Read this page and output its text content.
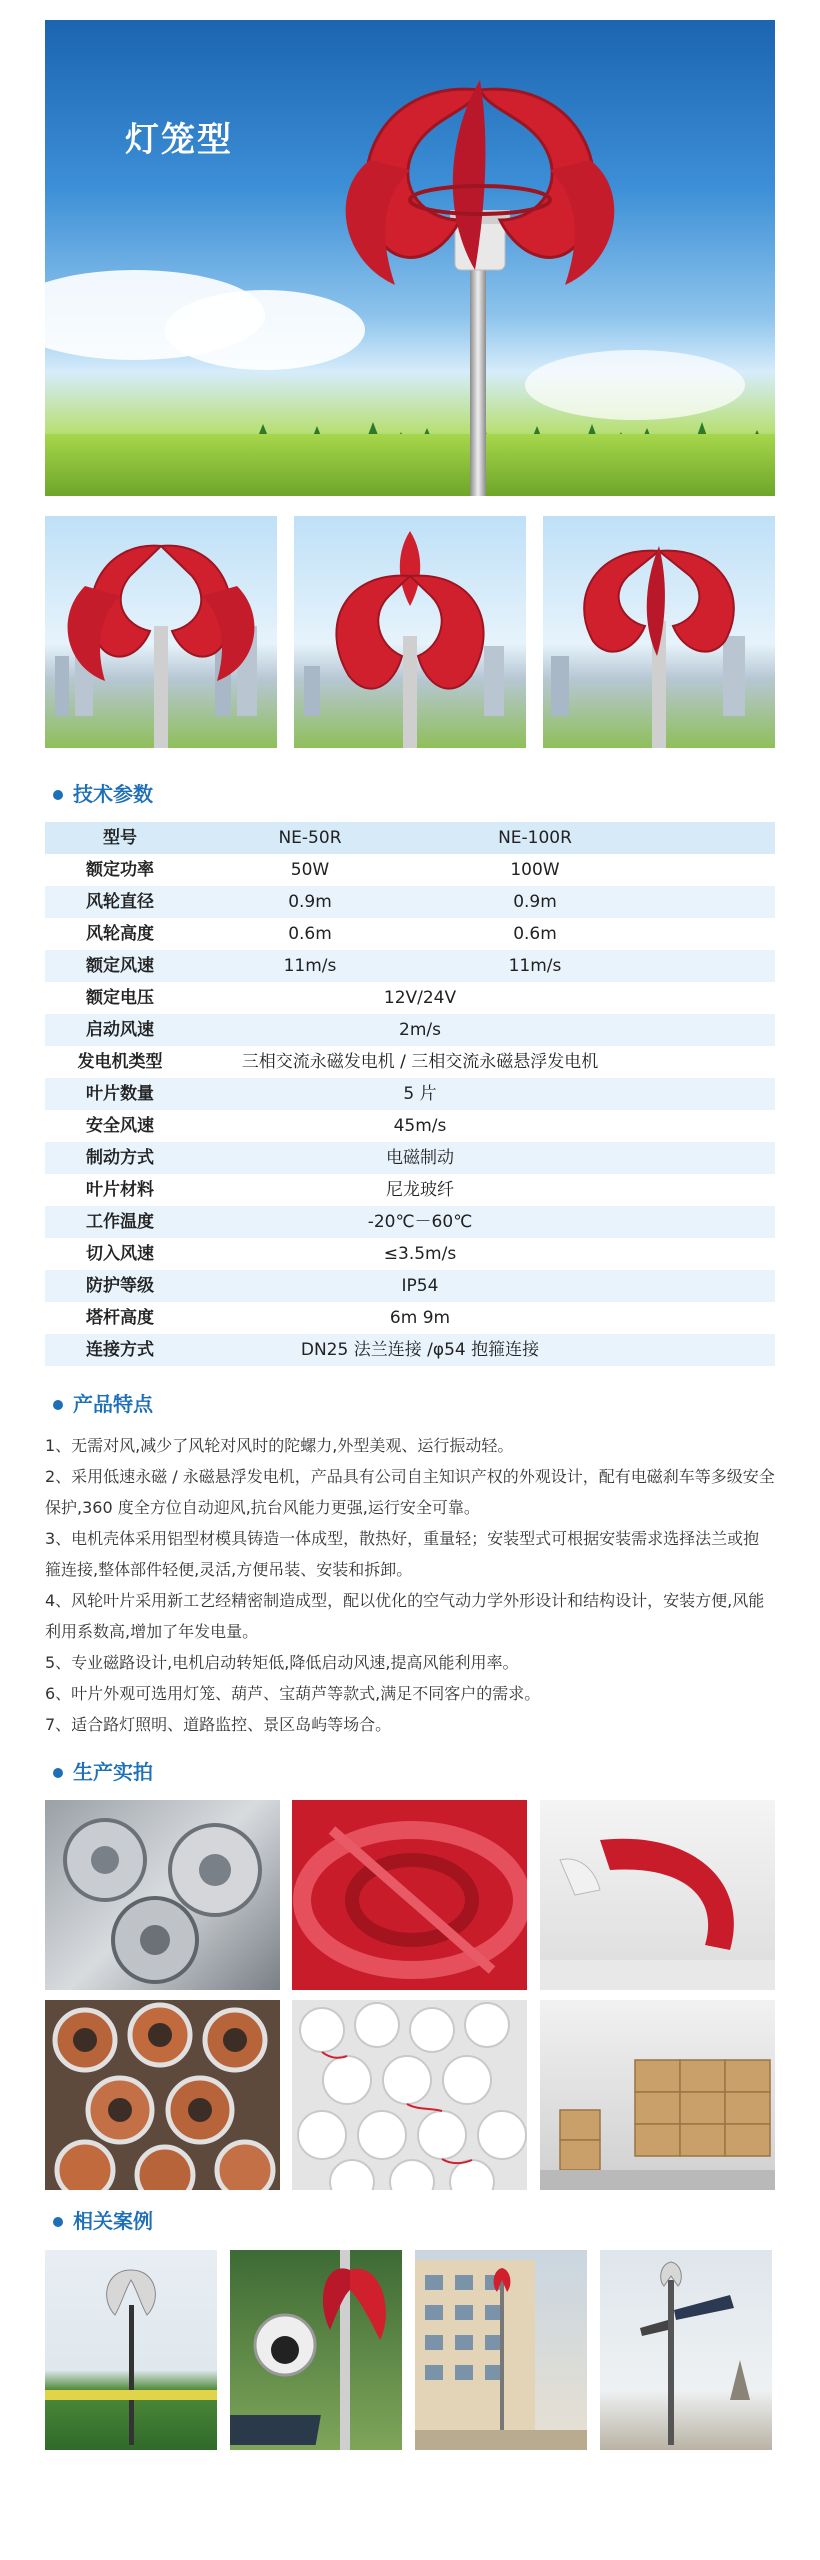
灯笼型
技术参数
型号	NE-50R	NE-100R
额定功率	50W	100W
风轮直径	0.9m	0.9m
风轮高度	0.6m	0.6m
额定风速	11m/s	11m/s
额定电压	12V/24V
启动风速	2m/s
发电机类型	三相交流永磁发电机 / 三相交流永磁悬浮发电机
叶片数量	5 片
安全风速	45m/s
制动方式	电磁制动
叶片材料	尼龙玻纤
工作温度	-20℃－60℃
切入风速	≤3.5m/s
防护等级	IP54
塔杆高度	6m 9m
连接方式	DN25 法兰连接 /φ54 抱箍连接
产品特点

1、无需对风,减少了风轮对风时的陀螺力,外型美观、运行振动轻。

2、采用低速永磁 / 永磁悬浮发电机，产品具有公司自主知识产权的外观设计，配有电磁刹车等多级安全保护,360 度全方位自动迎风,抗台风能力更强,运行安全可靠。

3、电机壳体采用铝型材模具铸造一体成型，散热好，重量轻；安装型式可根据安装需求选择法兰或抱箍连接,整体部件轻便,灵活,方便吊装、安装和拆卸。

4、风轮叶片采用新工艺经精密制造成型，配以优化的空气动力学外形设计和结构设计，安装方便,风能利用系数高,增加了年发电量。

5、专业磁路设计,电机启动转矩低,降低启动风速,提高风能利用率。

6、叶片外观可选用灯笼、葫芦、宝葫芦等款式,满足不同客户的需求。

7、适合路灯照明、道路监控、景区岛屿等场合。

生产实拍
相关案例
